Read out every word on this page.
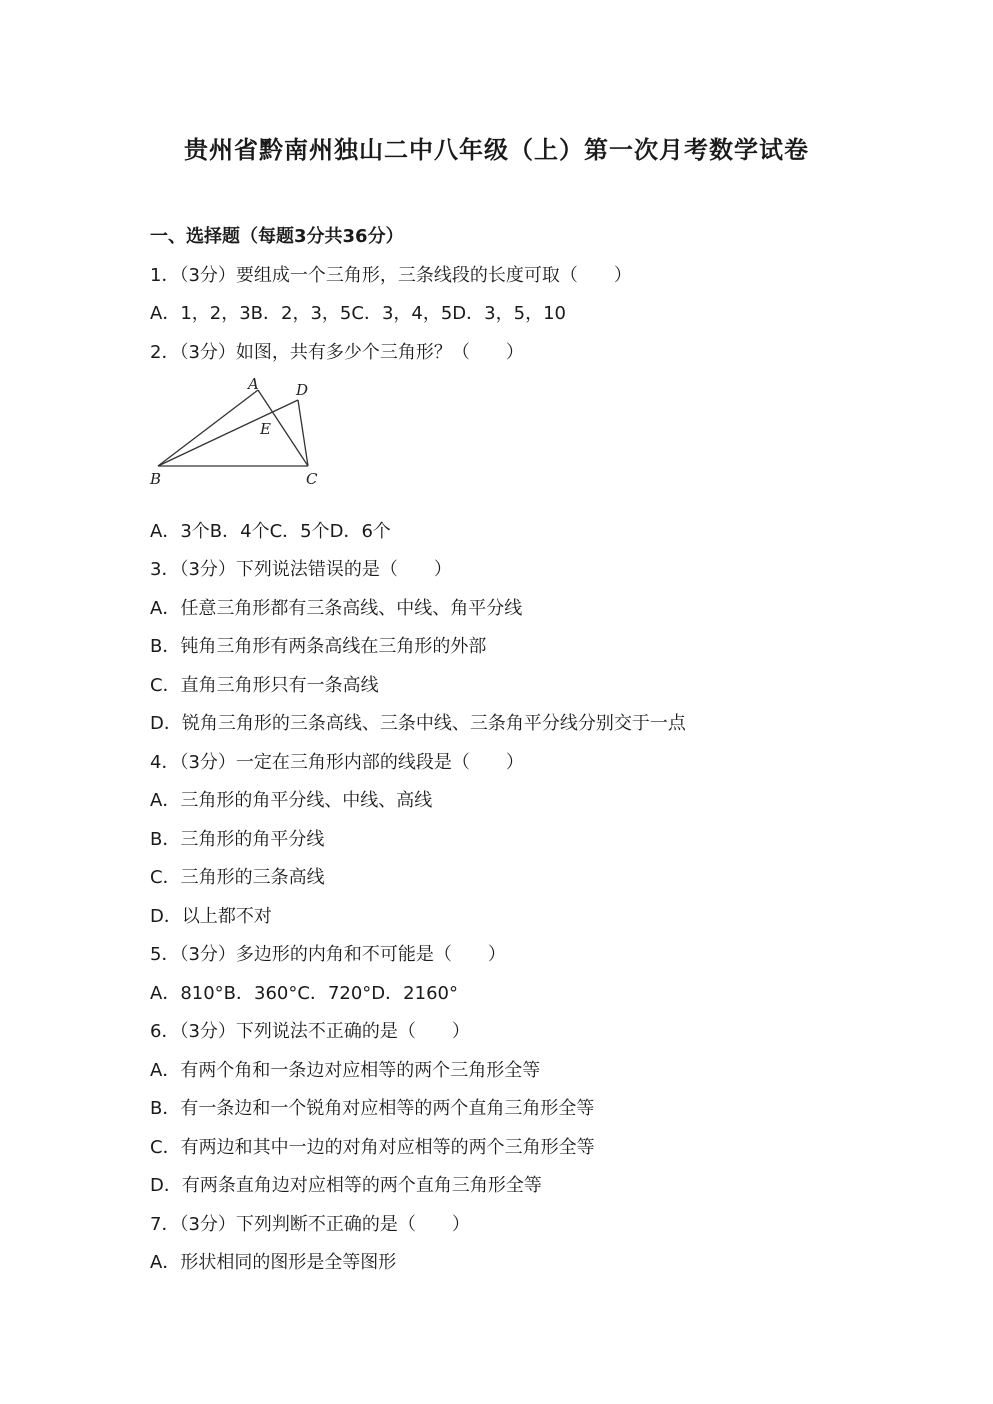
贵州省黔南州独山二中八年级（上）第一次月考数学试卷
一、选择题（每题3分共36分）
1．（3分）要组成一个三角形，三条线段的长度可取（　　）
A．1，2，3B．2，3，5C．3，4，5D．3，5，10
2．（3分）如图，共有多少个三角形？（　　）
A D
E
B	C
A．3个B．4个C．5个D．6个
3．（3分）下列说法错误的是（　　）
A．任意三角形都有三条高线、中线、角平分线
B．钝角三角形有两条高线在三角形的外部
C．直角三角形只有一条高线
D．锐角三角形的三条高线、三条中线、三条角平分线分别交于一点
4．（3分）一定在三角形内部的线段是（　　）
A．三角形的角平分线、中线、高线
B．三角形的角平分线
C．三角形的三条高线
D．以上都不对
5．（3分）多边形的内角和不可能是（　　）
A．810°B．360°C．720°D．2160°
6．（3分）下列说法不正确的是（　　）
A．有两个角和一条边对应相等的两个三角形全等
B．有一条边和一个锐角对应相等的两个直角三角形全等
C．有两边和其中一边的对角对应相等的两个三角形全等
D．有两条直角边对应相等的两个直角三角形全等
7．（3分）下列判断不正确的是（　　）
A．形状相同的图形是全等图形
